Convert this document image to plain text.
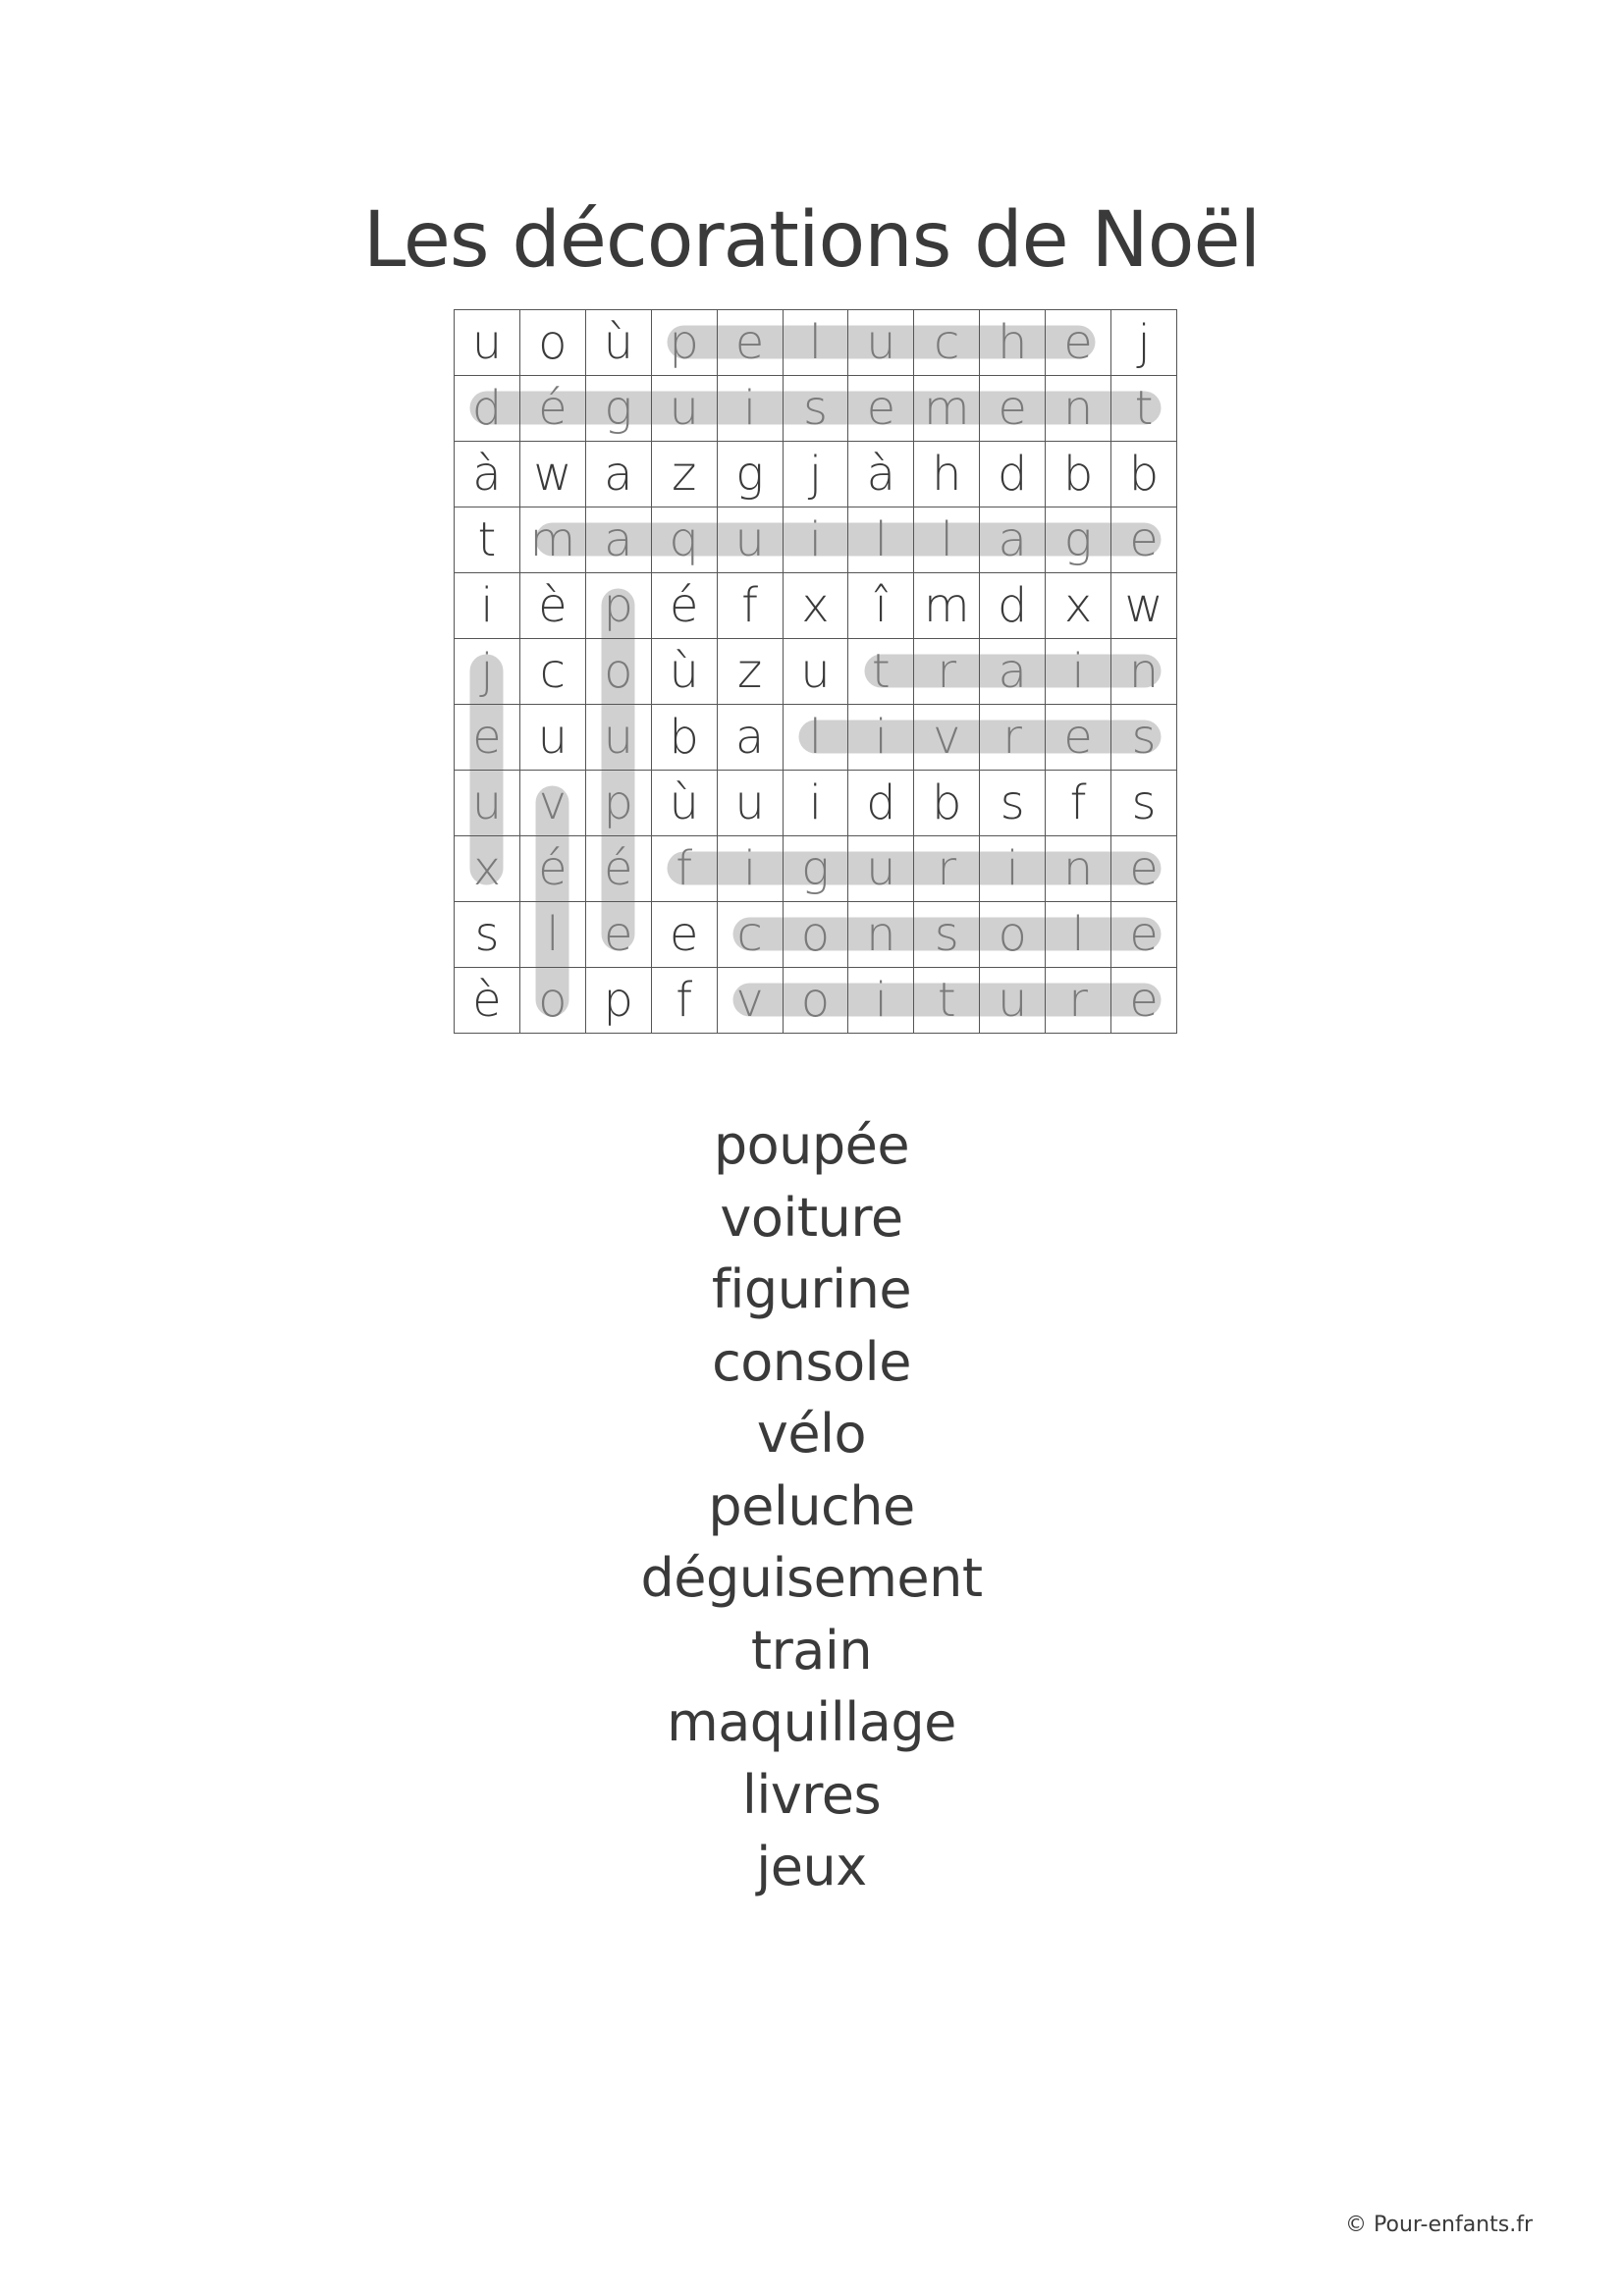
Les décorations de Noël
u	o	ù	p	e	l	u	c	h	e	j
d	é	g	u	i	s	e	m	e	n	t
à	w	a	z	g	j	à	h	d	b	b
t	m	a	q	u	i	l	l	a	g	e
i	è	p	é	f	x	î	m	d	x	w
j	c	o	ù	z	u	t	r	a	i	n
e	u	u	b	a	l	i	v	r	e	s
u	v	p	ù	u	i	d	b	s	f	s
x	é	é	f	i	g	u	r	i	n	e
s	l	e	e	c	o	n	s	o	l	e
è	o	p	f	v	o	i	t	u	r	e
poupée
voiture
figurine
console
vélo
peluche
déguisement
train
maquillage
livres
jeux
© Pour-enfants.fr
